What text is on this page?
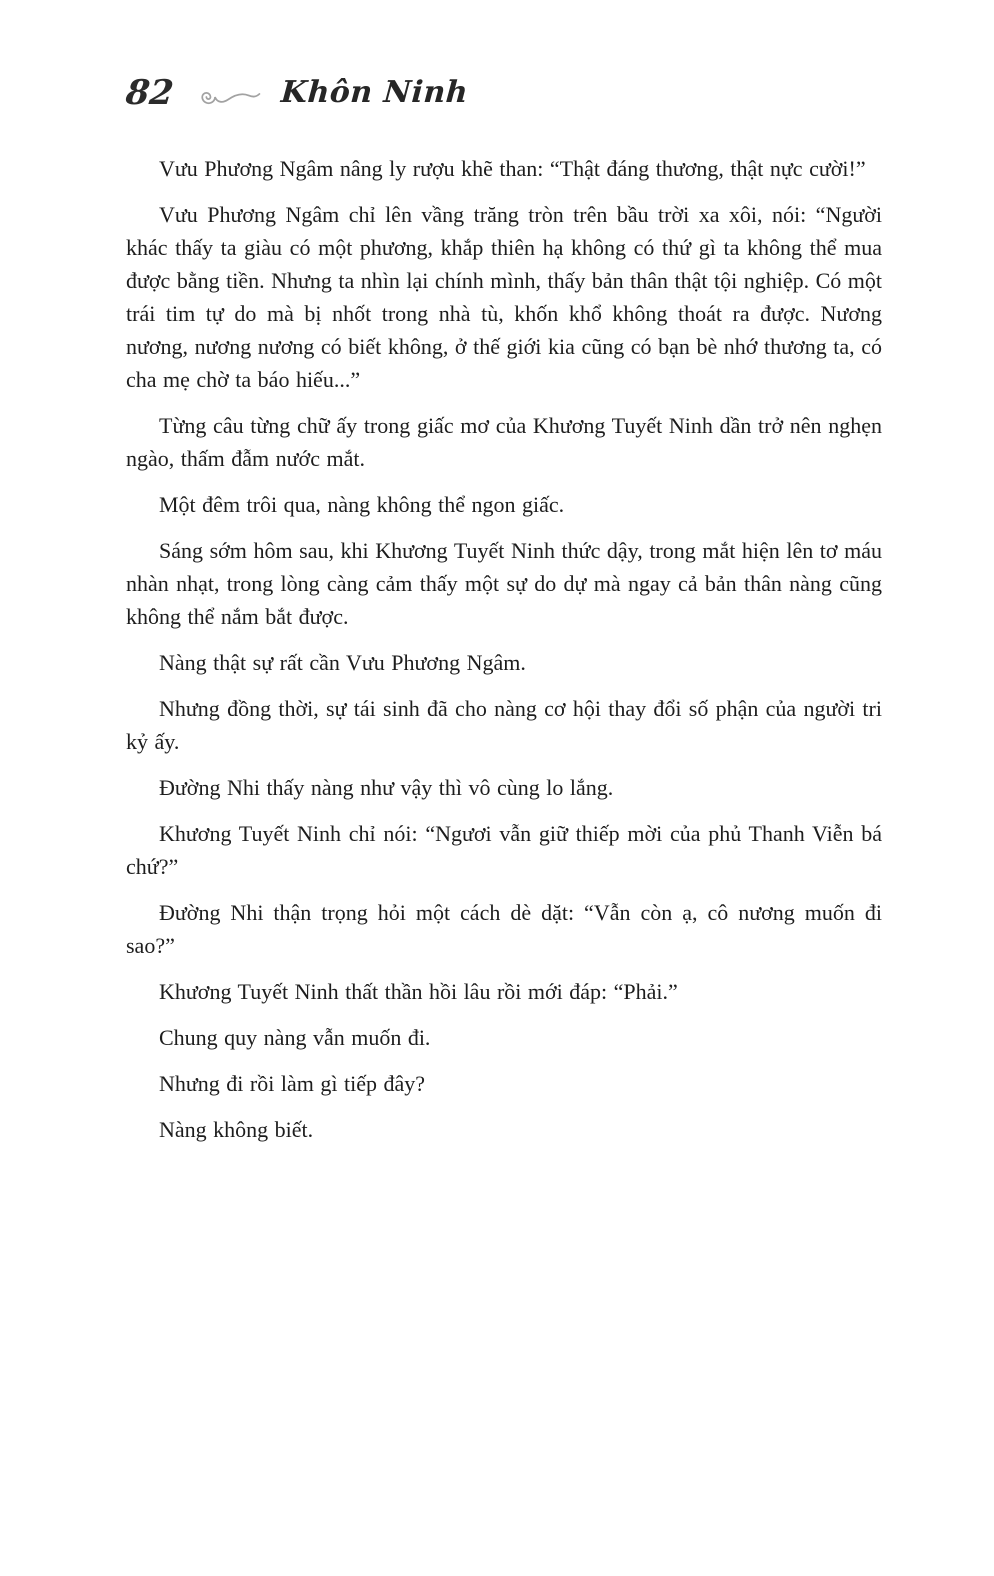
82	Khôn Ninh

Vưu Phương Ngâm nâng ly rượu khẽ than: “Thật đáng thương, thật nực cười!”

Vưu Phương Ngâm chỉ lên vầng trăng tròn trên bầu trời xa xôi, nói: “Người khác thấy ta giàu có một phương, khắp thiên hạ không có thứ gì ta không thể mua được bằng tiền. Nhưng ta nhìn lại chính mình, thấy bản thân thật tội nghiệp. Có một trái tim tự do mà bị nhốt trong nhà tù, khốn khổ không thoát ra được. Nương nương, nương nương có biết không, ở thế giới kia cũng có bạn bè nhớ thương ta, có cha mẹ chờ ta báo hiếu...”

Từng câu từng chữ ấy trong giấc mơ của Khương Tuyết Ninh dần trở nên nghẹn ngào, thấm đẫm nước mắt.

Một đêm trôi qua, nàng không thể ngon giấc.

Sáng sớm hôm sau, khi Khương Tuyết Ninh thức dậy, trong mắt hiện lên tơ máu nhàn nhạt, trong lòng càng cảm thấy một sự do dự mà ngay cả bản thân nàng cũng không thể nắm bắt được.

Nàng thật sự rất cần Vưu Phương Ngâm.

Nhưng đồng thời, sự tái sinh đã cho nàng cơ hội thay đổi số phận của người tri kỷ ấy.

Đường Nhi thấy nàng như vậy thì vô cùng lo lắng.

Khương Tuyết Ninh chỉ nói: “Ngươi vẫn giữ thiếp mời của phủ Thanh Viễn bá chứ?”

Đường Nhi thận trọng hỏi một cách dè dặt: “Vẫn còn ạ, cô nương muốn đi sao?”

Khương Tuyết Ninh thất thần hồi lâu rồi mới đáp: “Phải.”

Chung quy nàng vẫn muốn đi.

Nhưng đi rồi làm gì tiếp đây?

Nàng không biết.
